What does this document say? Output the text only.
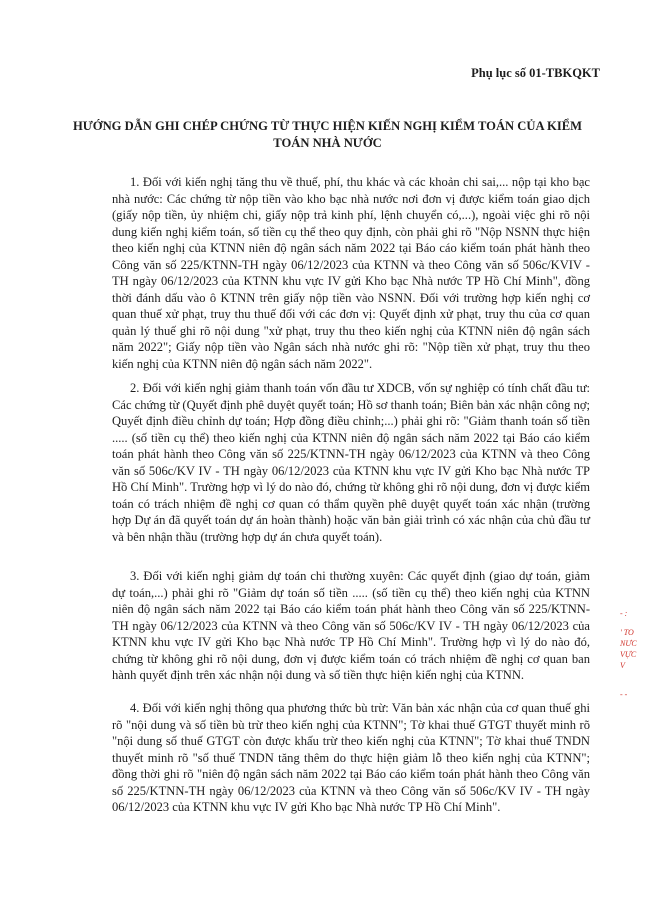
Phụ lục số 01-TBKQKT
HƯỚNG DẪN GHI CHÉP CHỨNG TỪ THỰC HIỆN KIẾN NGHỊ KIỂM TOÁN CỦA KIỂM TOÁN NHÀ NƯỚC
1. Đối với kiến nghị tăng thu về thuế, phí, thu khác và các khoản chi sai,... nộp tại kho bạc nhà nước: Các chứng từ nộp tiền vào kho bạc nhà nước nơi đơn vị được kiểm toán giao dịch (giấy nộp tiền, ủy nhiệm chi, giấy nộp trả kinh phí, lệnh chuyển có,...), ngoài việc ghi rõ nội dung kiến nghị kiểm toán, số tiền cụ thể theo quy định, còn phải ghi rõ "Nộp NSNN thực hiện theo kiến nghị của KTNN niên độ ngân sách năm 2022 tại Báo cáo kiểm toán phát hành theo Công văn số 225/KTNN-TH ngày 06/12/2023 của KTNN và theo Công văn số 506c/KVIV - TH ngày 06/12/2023 của KTNN khu vực IV gửi Kho bạc Nhà nước TP Hồ Chí Minh", đồng thời đánh dấu vào ô KTNN trên giấy nộp tiền vào NSNN. Đối với trường hợp kiến nghị cơ quan thuế xử phạt, truy thu thuế đối với các đơn vị: Quyết định xử phạt, truy thu của cơ quan quản lý thuế ghi rõ nội dung "xử phạt, truy thu theo kiến nghị của KTNN niên độ ngân sách năm 2022"; Giấy nộp tiền vào Ngân sách nhà nước ghi rõ: "Nộp tiền xử phạt, truy thu theo kiến nghị của KTNN niên độ ngân sách năm 2022".
2. Đối với kiến nghị giảm thanh toán vốn đầu tư XDCB, vốn sự nghiệp có tính chất đầu tư: Các chứng từ (Quyết định phê duyệt quyết toán; Hồ sơ thanh toán; Biên bản xác nhận công nợ; Quyết định điều chỉnh dự toán; Hợp đồng điều chỉnh;...) phải ghi rõ: "Giảm thanh toán số tiền ..... (số tiền cụ thể) theo kiến nghị của KTNN niên độ ngân sách năm 2022 tại Báo cáo kiểm toán phát hành theo Công văn số 225/KTNN-TH ngày 06/12/2023 của KTNN và theo Công văn số 506c/KV IV - TH ngày 06/12/2023 của KTNN khu vực IV gửi Kho bạc Nhà nước TP Hồ Chí Minh". Trường hợp vì lý do nào đó, chứng từ không ghi rõ nội dung, đơn vị được kiểm toán có trách nhiệm đề nghị cơ quan có thẩm quyền phê duyệt quyết toán xác nhận (trường hợp Dự án đã quyết toán dự án hoàn thành) hoặc văn bản giải trình có xác nhận của chủ đầu tư và bên nhận thầu (trường hợp dự án chưa quyết toán).
3. Đối với kiến nghị giảm dự toán chi thường xuyên: Các quyết định (giao dự toán, giảm dự toán,...) phải ghi rõ "Giảm dự toán số tiền ..... (số tiền cụ thể) theo kiến nghị của KTNN niên độ ngân sách năm 2022 tại Báo cáo kiểm toán phát hành theo Công văn số 225/KTNN-TH ngày 06/12/2023 của KTNN và theo Công văn số 506c/KV IV - TH ngày 06/12/2023 của KTNN khu vực IV gửi Kho bạc Nhà nước TP Hồ Chí Minh". Trường hợp vì lý do nào đó, chứng từ không ghi rõ nội dung, đơn vị được kiểm toán có trách nhiệm đề nghị cơ quan ban hành quyết định trên xác nhận nội dung và số tiền thực hiện kiến nghị của KTNN.
4. Đối với kiến nghị thông qua phương thức bù trừ: Văn bản xác nhận của cơ quan thuế ghi rõ "nội dung và số tiền bù trừ theo kiến nghị của KTNN"; Tờ khai thuế GTGT thuyết minh rõ "nội dung số thuế GTGT còn được khấu trừ theo kiến nghị của KTNN"; Tờ khai thuế TNDN thuyết minh rõ "số thuế TNDN tăng thêm do thực hiện giảm lỗ theo kiến nghị của KTNN"; đồng thời ghi rõ "niên độ ngân sách năm 2022 tại Báo cáo kiểm toán phát hành theo Công văn số 225/KTNN-TH ngày 06/12/2023 của KTNN và theo Công văn số 506c/KV IV - TH ngày 06/12/2023 của KTNN khu vực IV gửi Kho bạc Nhà nước TP Hồ Chí Minh".
- :
' TO
NƯC
VỰC
V
- -
